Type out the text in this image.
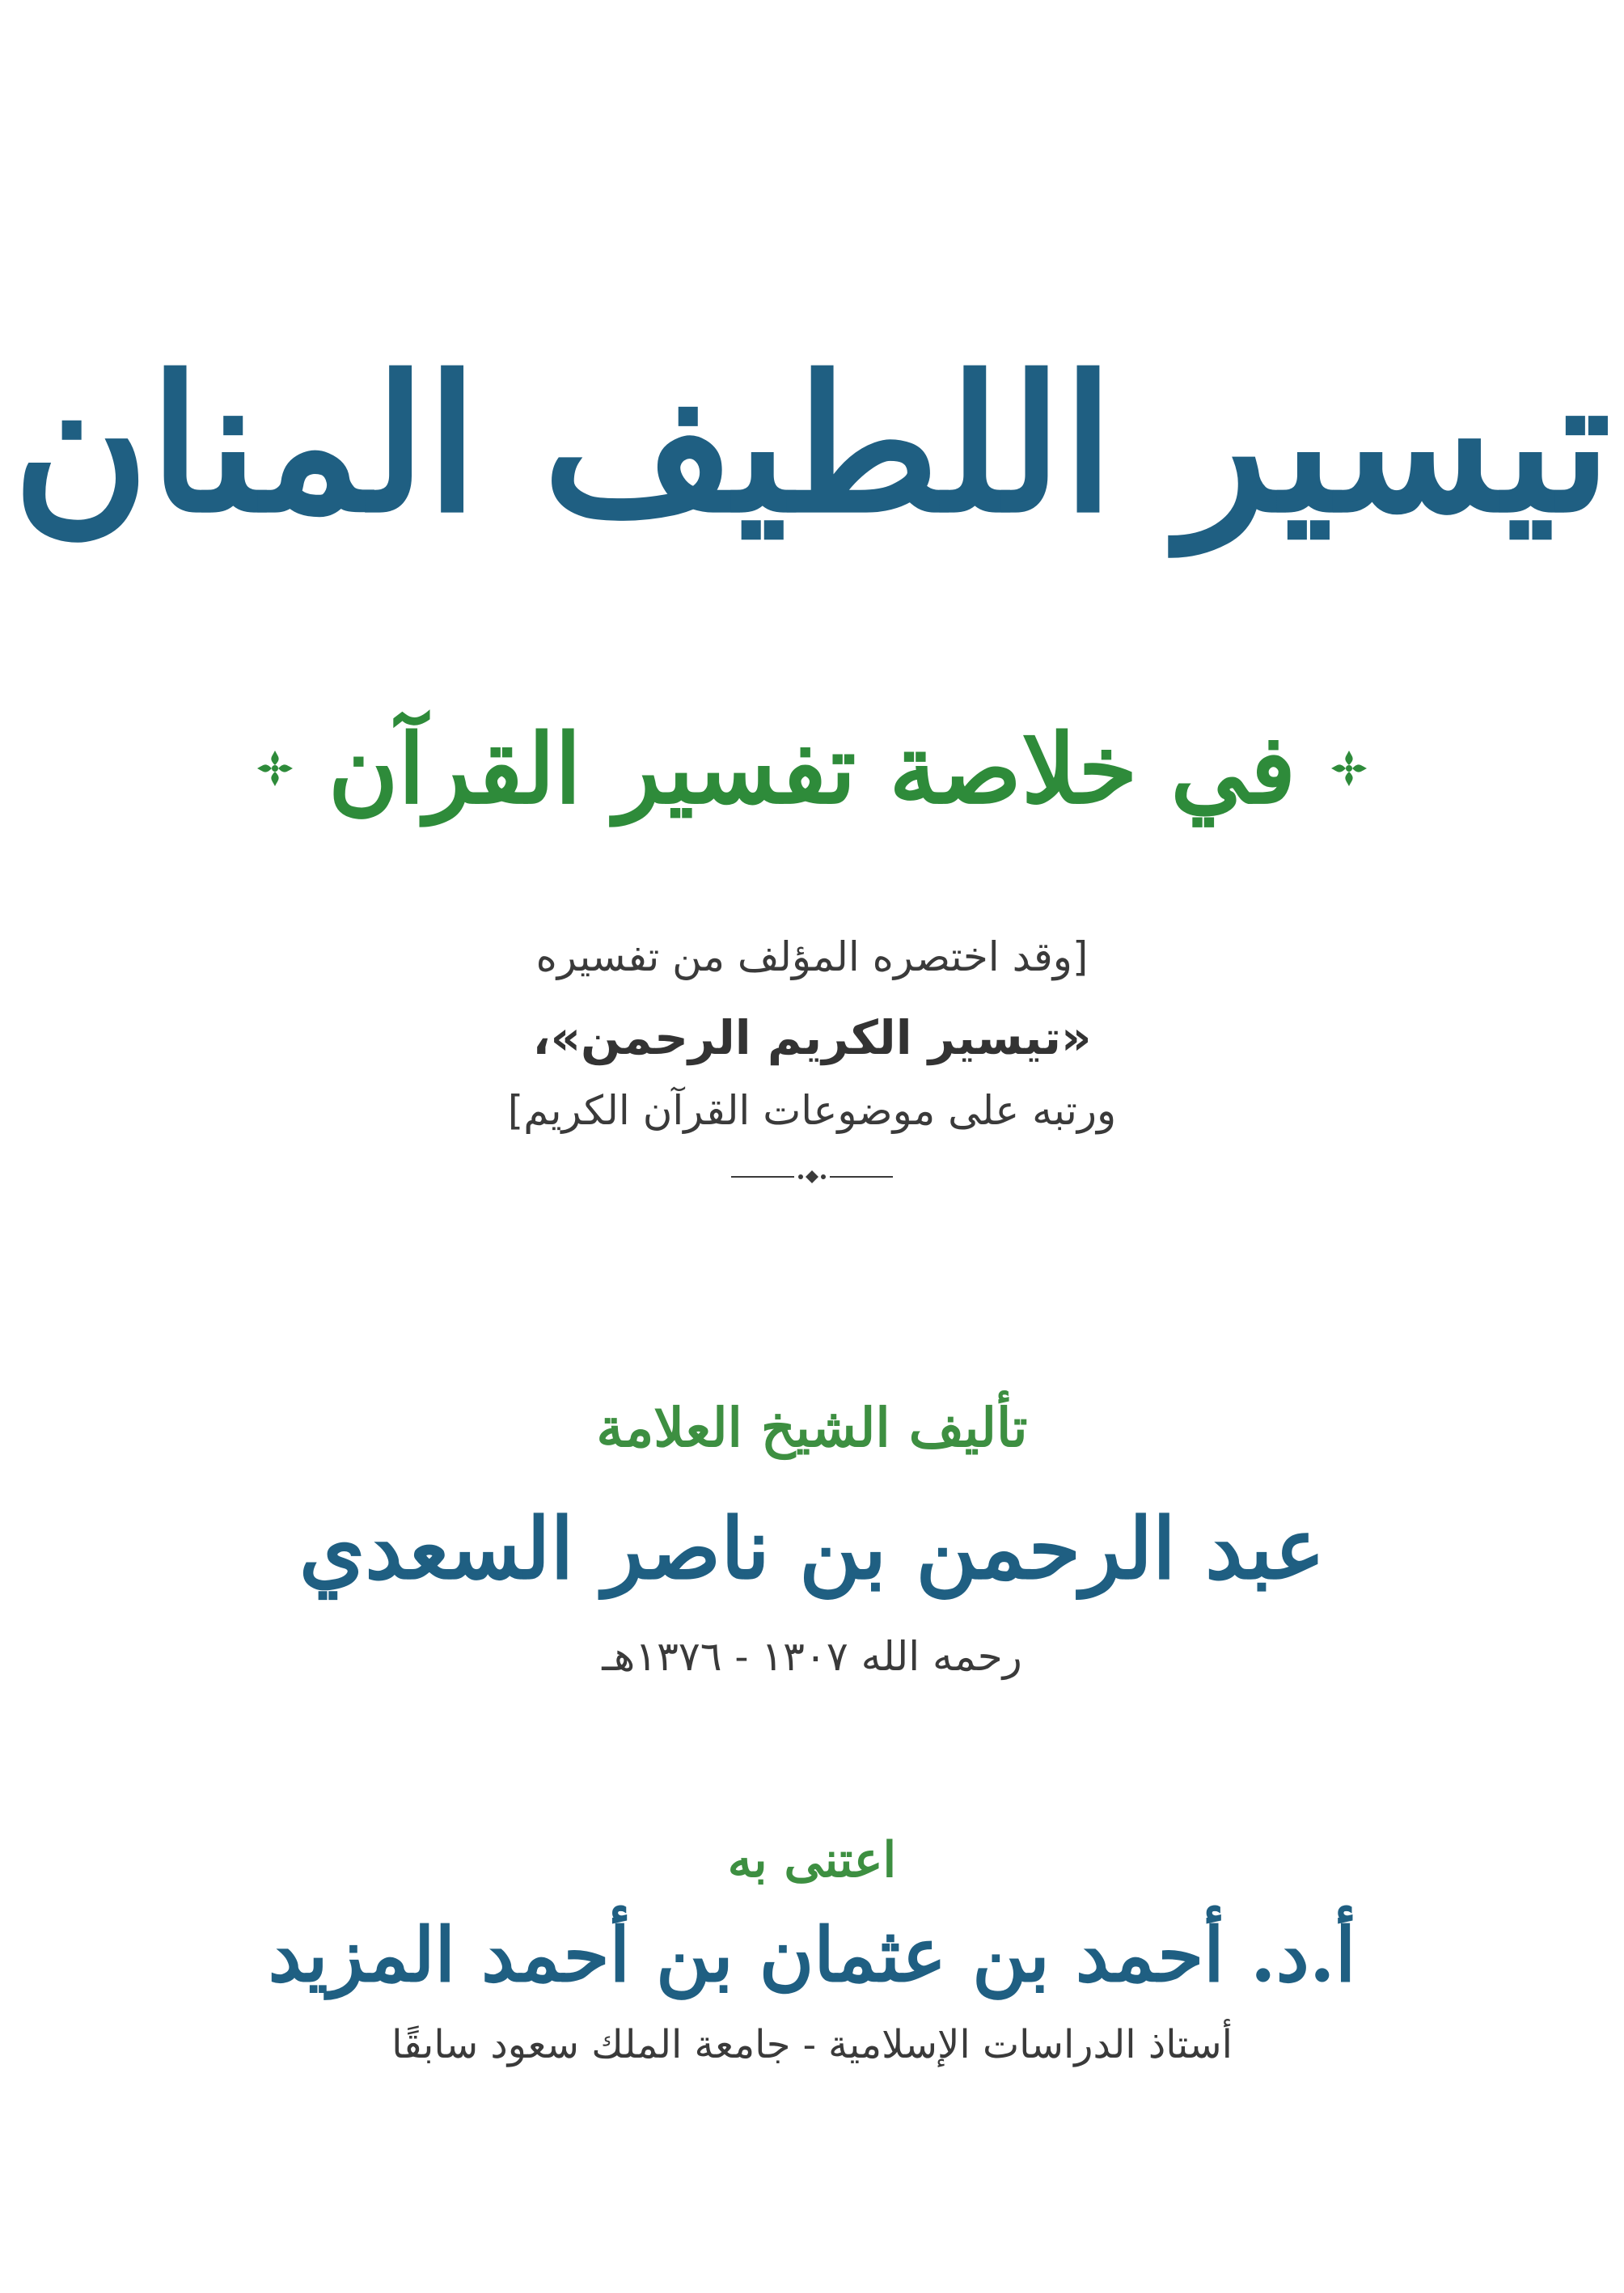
تيسير اللطيف المنان
في خلاصة تفسير القرآن
[وقد اختصره المؤلف من تفسيره
«تيسير الكريم الرحمن»،
ورتبه على موضوعات القرآن الكريم]
تأليف الشيخ العلامة
عبد الرحمن بن ناصر السعدي
رحمه الله ١٣٠٧ - ١٣٧٦هـ
اعتنى به
أ.د. أحمد بن عثمان بن أحمد المزيد
أستاذ الدراسات الإسلامية - جامعة الملك سعود سابقًا
